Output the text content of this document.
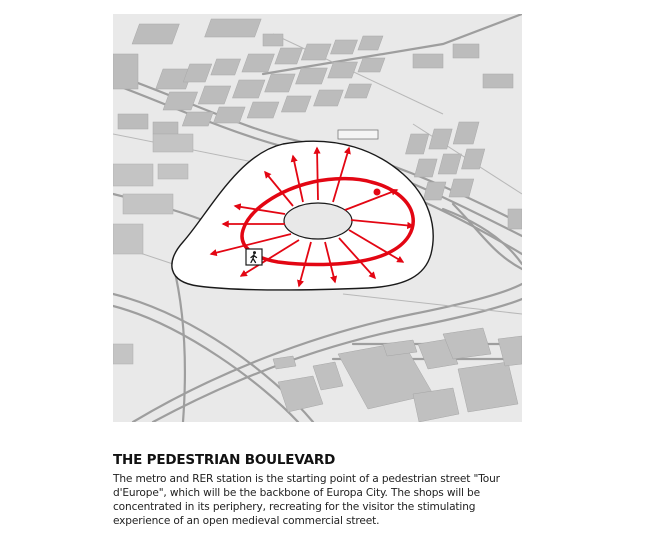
THE PEDESTRIAN BOULEVARD
The metro and RER station is the starting point of a pedestrian street "Tour d'Europe", which will be the backbone of Europa City. The shops will be concentrated in its periphery, recreating for the visitor the stimulating experience of an open medieval commercial street.
